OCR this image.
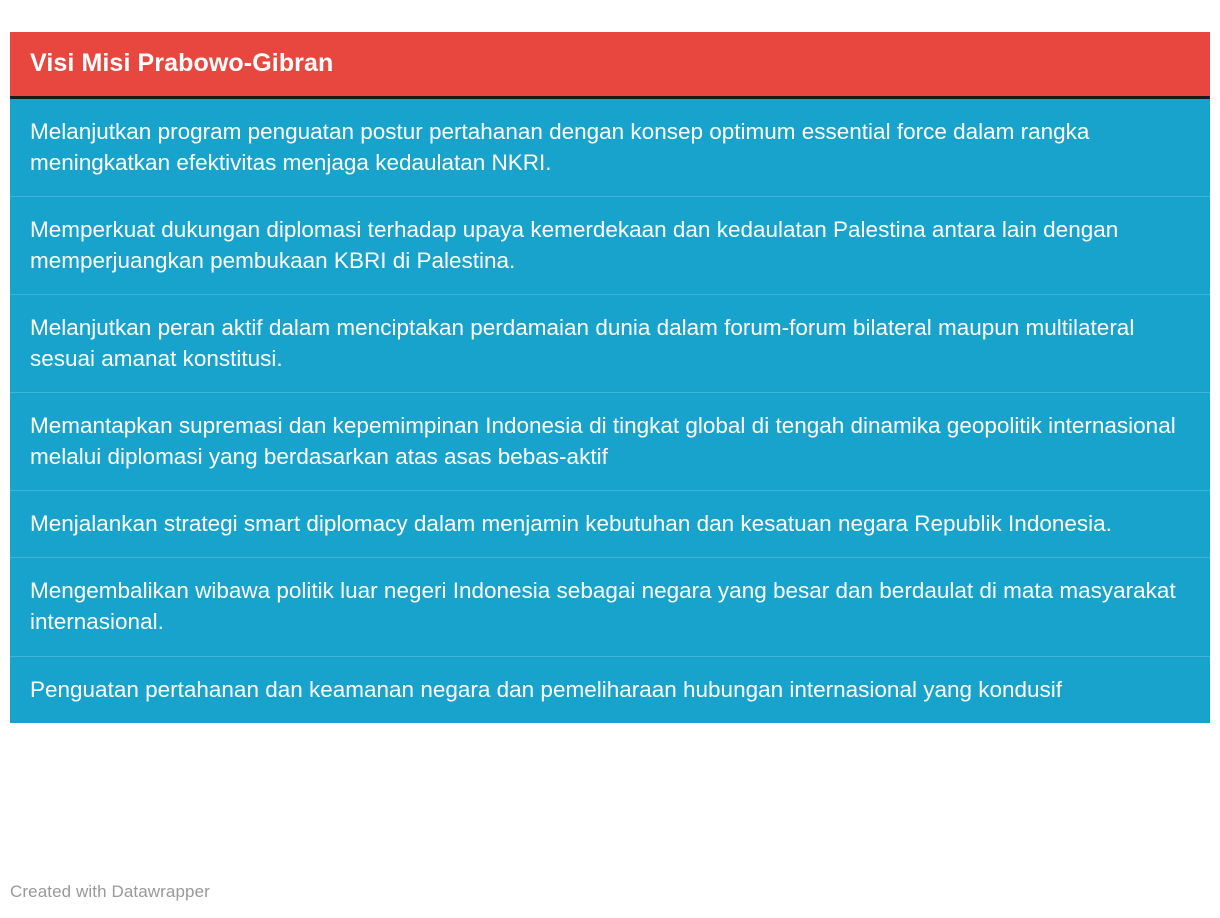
Visi Misi Prabowo-Gibran
Melanjutkan program penguatan postur pertahanan dengan konsep optimum essential force dalam rangka meningkatkan efektivitas menjaga kedaulatan NKRI.
Memperkuat dukungan diplomasi terhadap upaya kemerdekaan dan kedaulatan Palestina antara lain dengan memperjuangkan pembukaan KBRI di Palestina.
Melanjutkan peran aktif dalam menciptakan perdamaian dunia dalam forum-forum bilateral maupun multilateral sesuai amanat konstitusi.
Memantapkan supremasi dan kepemimpinan Indonesia di tingkat global di tengah dinamika geopolitik internasional melalui diplomasi yang berdasarkan atas asas bebas-aktif
Menjalankan strategi smart diplomacy dalam menjamin kebutuhan dan kesatuan negara Republik Indonesia.
Mengembalikan wibawa politik luar negeri Indonesia sebagai negara yang besar dan berdaulat di mata masyarakat internasional.
Penguatan pertahanan dan keamanan negara dan pemeliharaan hubungan internasional yang kondusif
Created with Datawrapper
